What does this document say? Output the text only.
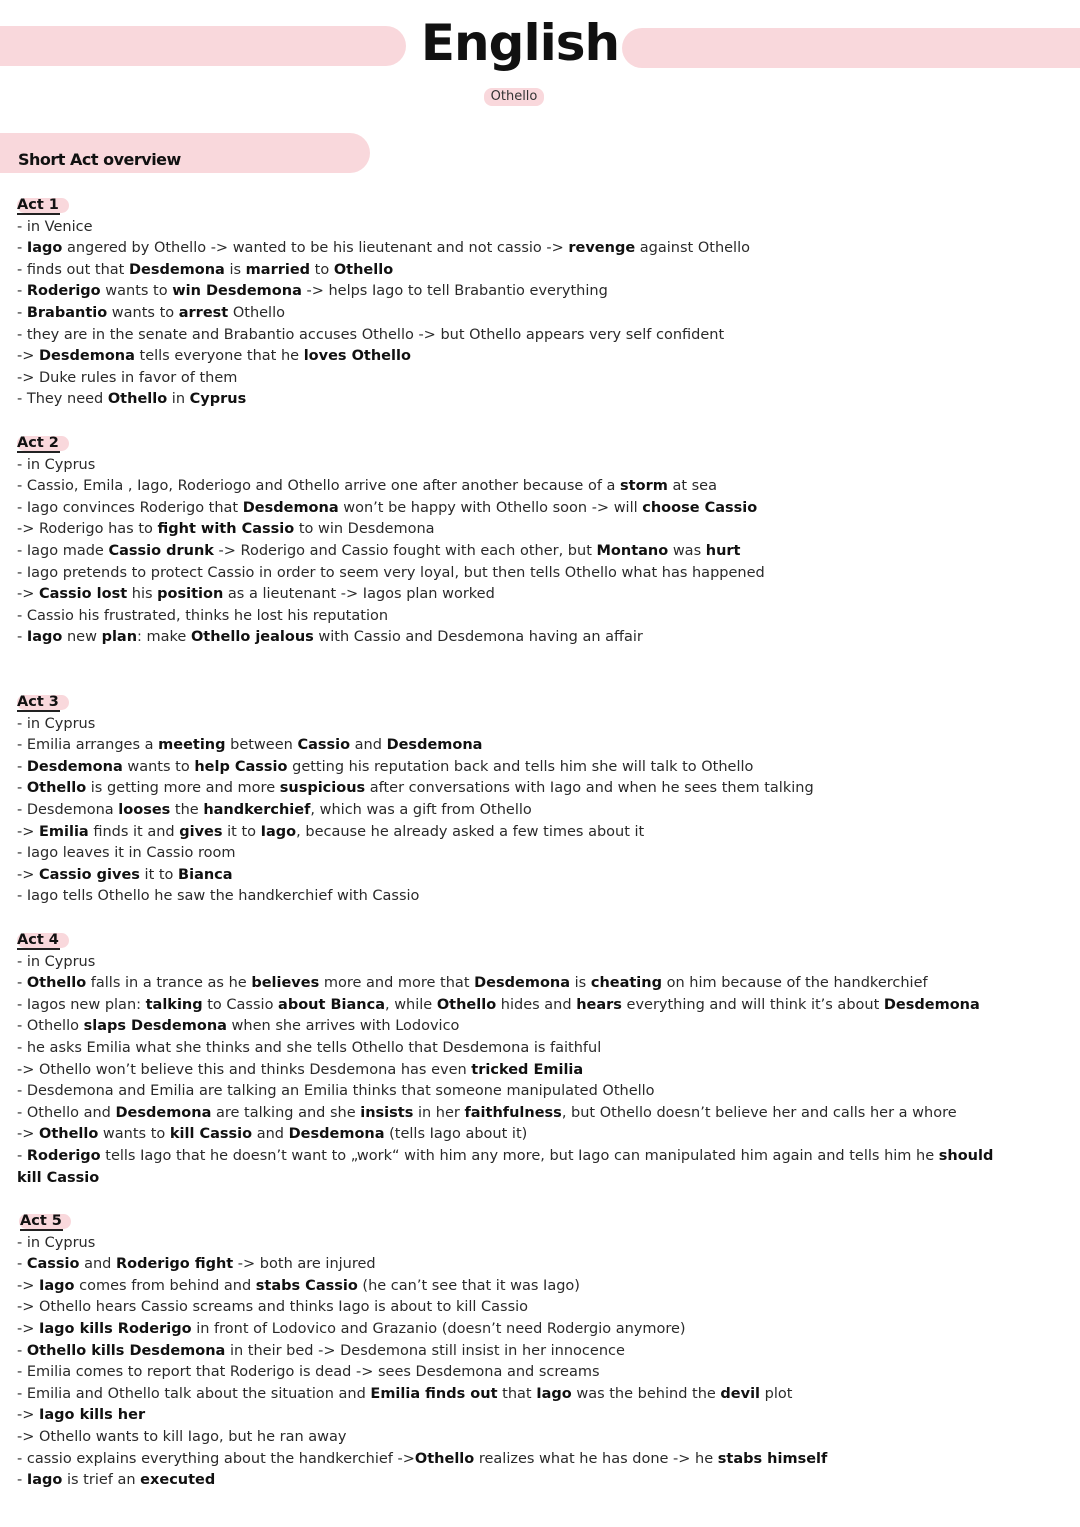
English
Othello
Short Act overview
Act 1
- in Venice
- Iago angered by Othello -> wanted to be his lieutenant and not cassio -> revenge against Othello
- finds out that Desdemona is married to Othello
- Roderigo wants to win Desdemona -> helps Iago to tell Brabantio everything
- Brabantio wants to arrest Othello
- they are in the senate and Brabantio accuses Othello -> but Othello appears very self confident
-> Desdemona tells everyone that he loves Othello
-> Duke rules in favor of them
- They need Othello in Cyprus
Act 2
- in Cyprus
- Cassio, Emila , Iago, Roderiogo and Othello arrive one after another because of a storm at sea
- Iago convinces Roderigo that Desdemona won’t be happy with Othello soon -> will choose Cassio
-> Roderigo has to fight with Cassio to win Desdemona
- Iago made Cassio drunk -> Roderigo and Cassio fought with each other, but Montano was hurt
- Iago pretends to protect Cassio in order to seem very loyal, but then tells Othello what has happened
-> Cassio lost his position as a lieutenant -> Iagos plan worked
- Cassio his frustrated, thinks he lost his reputation
- Iago new plan: make Othello jealous with Cassio and Desdemona having an affair
Act 3
- in Cyprus
- Emilia arranges a meeting between Cassio and Desdemona
- Desdemona wants to help Cassio getting his reputation back and tells him she will talk to Othello
- Othello is getting more and more suspicious after conversations with Iago and when he sees them talking
- Desdemona looses the handkerchief, which was a gift from Othello
-> Emilia finds it and gives it to Iago, because he already asked a few times about it
- Iago leaves it in Cassio room
-> Cassio gives it to Bianca
- Iago tells Othello he saw the handkerchief with Cassio
Act 4
- in Cyprus
- Othello falls in a trance as he believes more and more that Desdemona is cheating on him because of the handkerchief
- Iagos new plan: talking to Cassio about Bianca, while Othello hides and hears everything and will think it’s about Desdemona
- Othello slaps Desdemona when she arrives with Lodovico
- he asks Emilia what she thinks and she tells Othello that Desdemona is faithful
-> Othello won’t believe this and thinks Desdemona has even tricked Emilia
- Desdemona and Emilia are talking an Emilia thinks that someone manipulated Othello
- Othello and Desdemona are talking and she insists in her faithfulness, but Othello doesn’t believe her and calls her a whore
-> Othello wants to kill Cassio and Desdemona (tells Iago about it)
- Roderigo tells Iago that he doesn’t want to „work“ with him any more, but Iago can manipulated him again and tells him he should kill Cassio
Act 5
- in Cyprus
- Cassio and Roderigo fight -> both are injured
-> Iago comes from behind and stabs Cassio (he can’t see that it was Iago)
-> Othello hears Cassio screams and thinks Iago is about to kill Cassio
-> Iago kills Roderigo in front of Lodovico and Grazanio (doesn’t need Rodergio anymore)
- Othello kills Desdemona in their bed -> Desdemona still insist in her innocence
- Emilia comes to report that Roderigo is dead -> sees Desdemona and screams
- Emilia and Othello talk about the situation and Emilia finds out that Iago was the behind the devil plot
-> Iago kills her
-> Othello wants to kill Iago, but he ran away
- cassio explains everything about the handkerchief ->Othello realizes what he has done -> he stabs himself
- Iago is trief an executed
